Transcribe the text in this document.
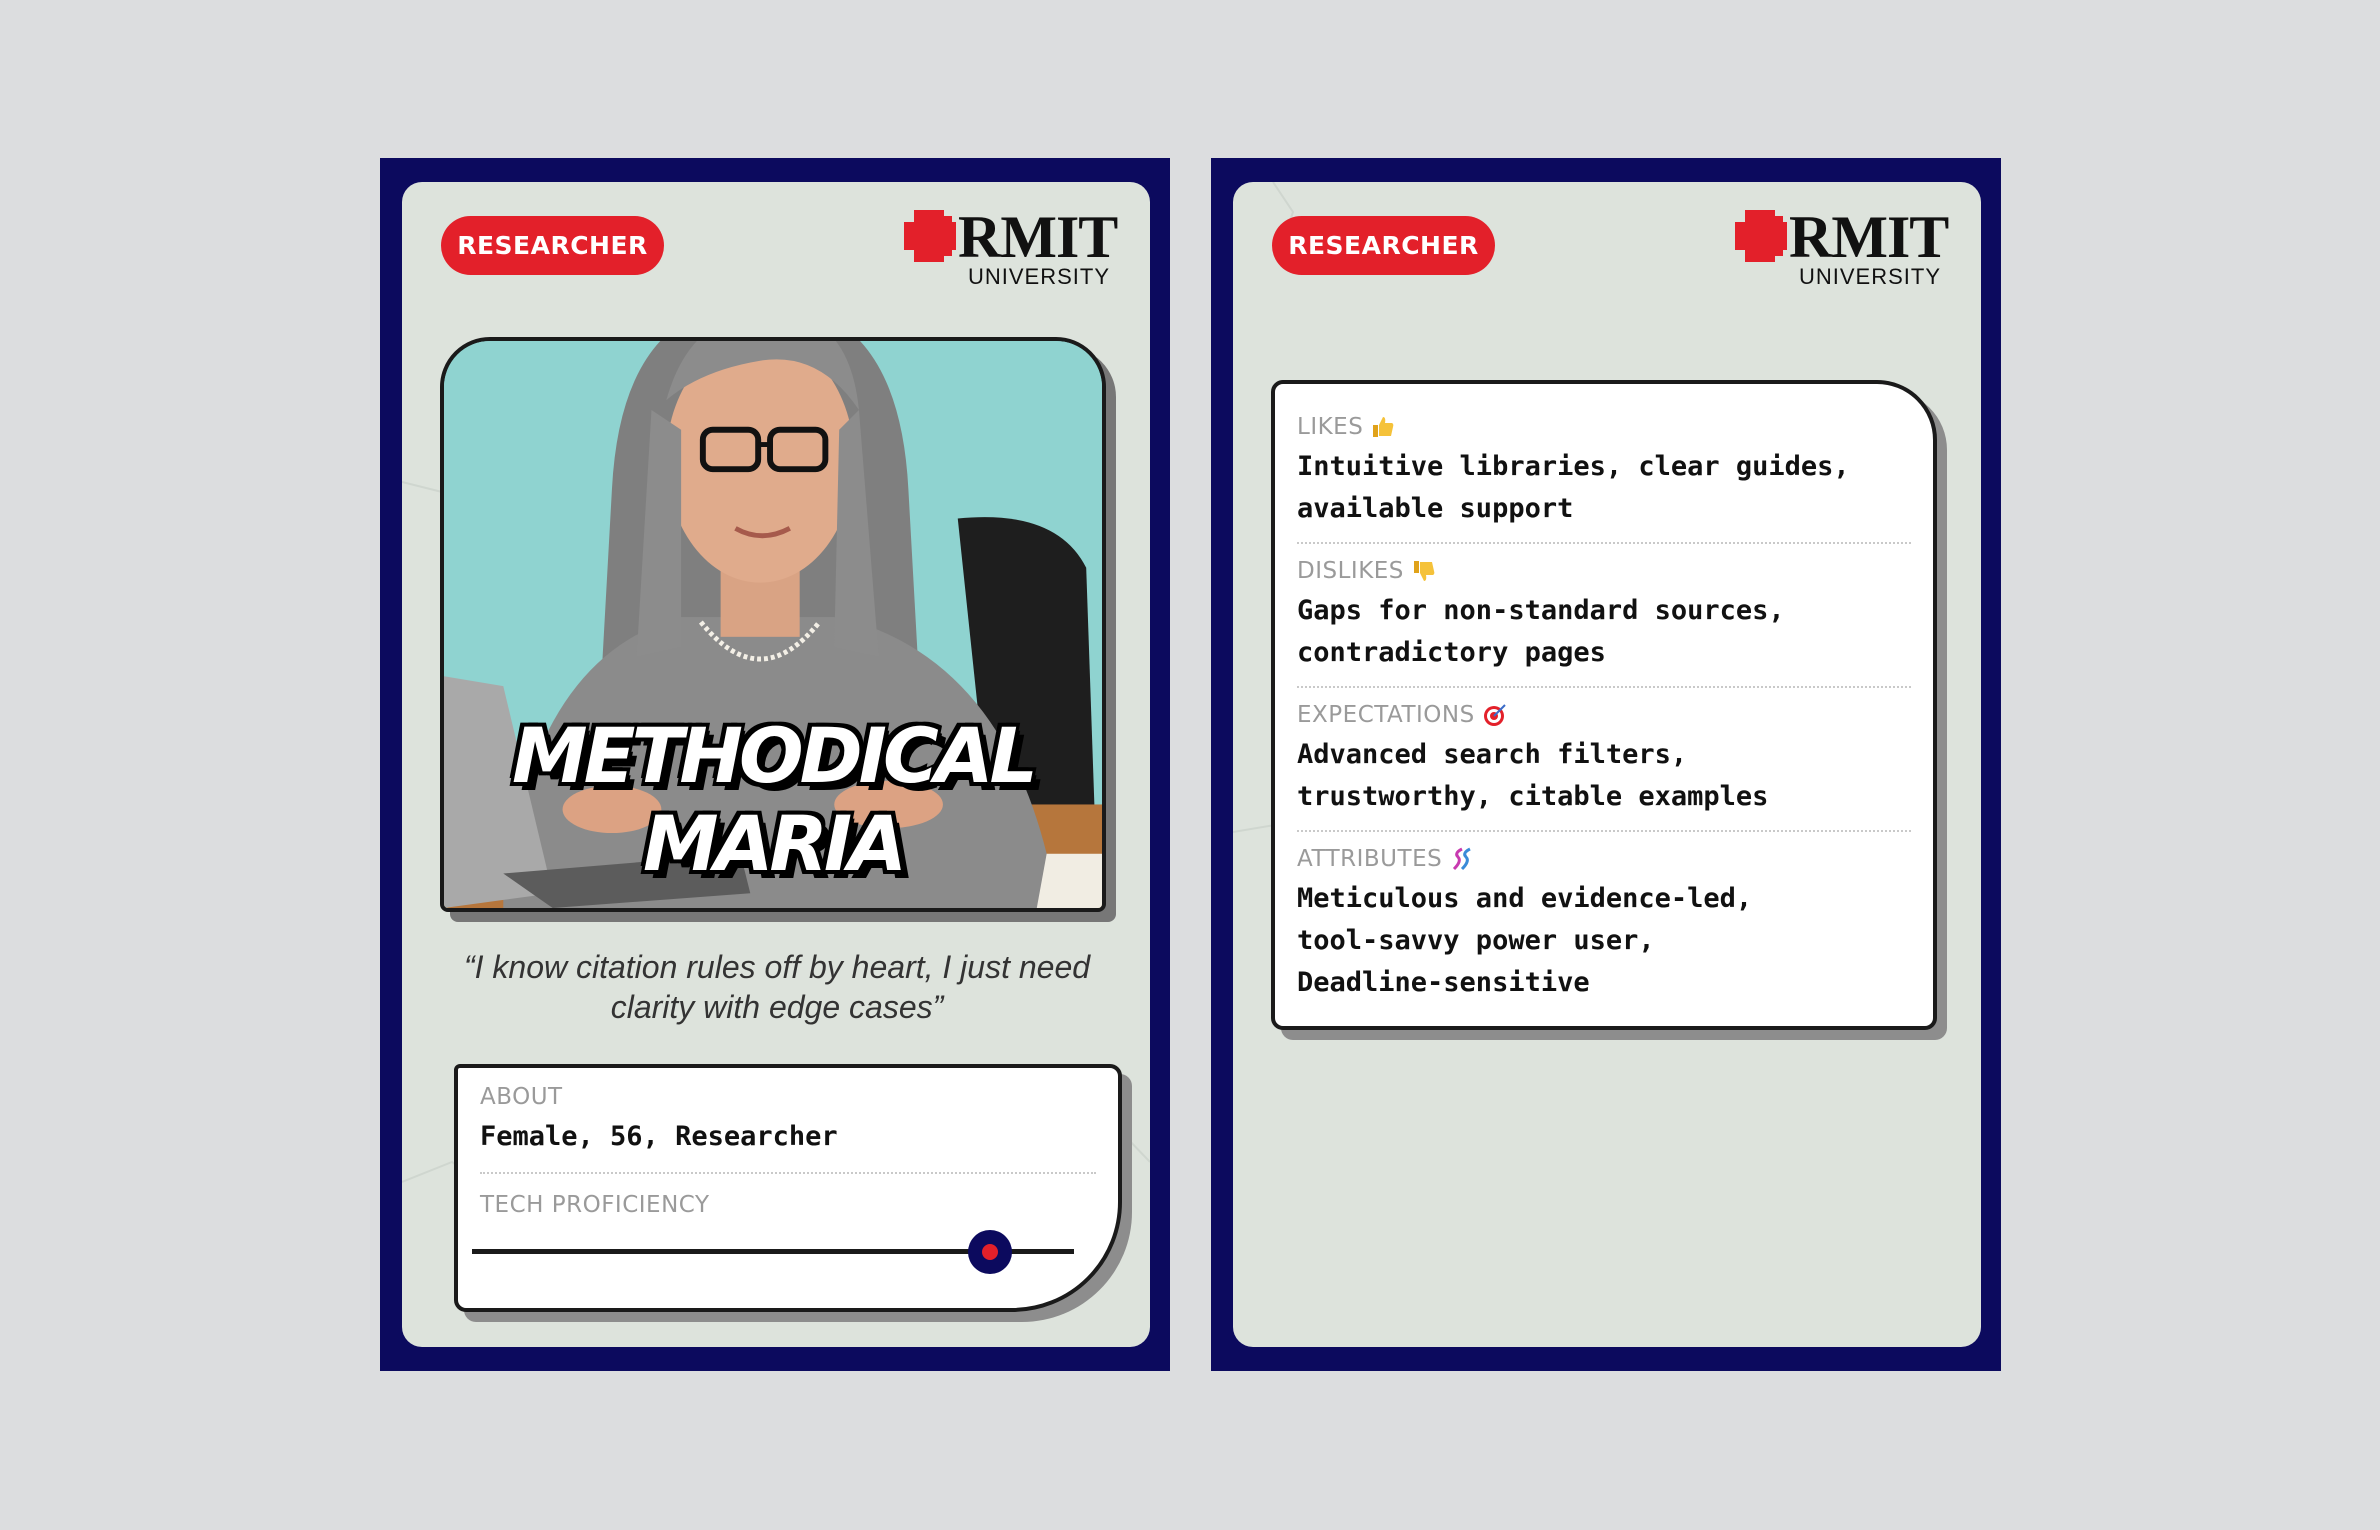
RESEARCHER	RMIT
UNIVERSITY
METHODICAL
MARIA
“I know citation rules off by heart, I just need clarity with edge cases”
ABOUT
Female, 56, Researcher
TECH PROFICIENCY
RESEARCHER	RMIT
UNIVERSITY
LIKES
Intuitive libraries, clear guides, available support
DISLIKES
Gaps for non-standard sources, contradictory pages
EXPECTATIONS
Advanced search filters, trustworthy, citable examples
ATTRIBUTES
Meticulous and evidence-led, tool-savvy power user, Deadline-sensitive
